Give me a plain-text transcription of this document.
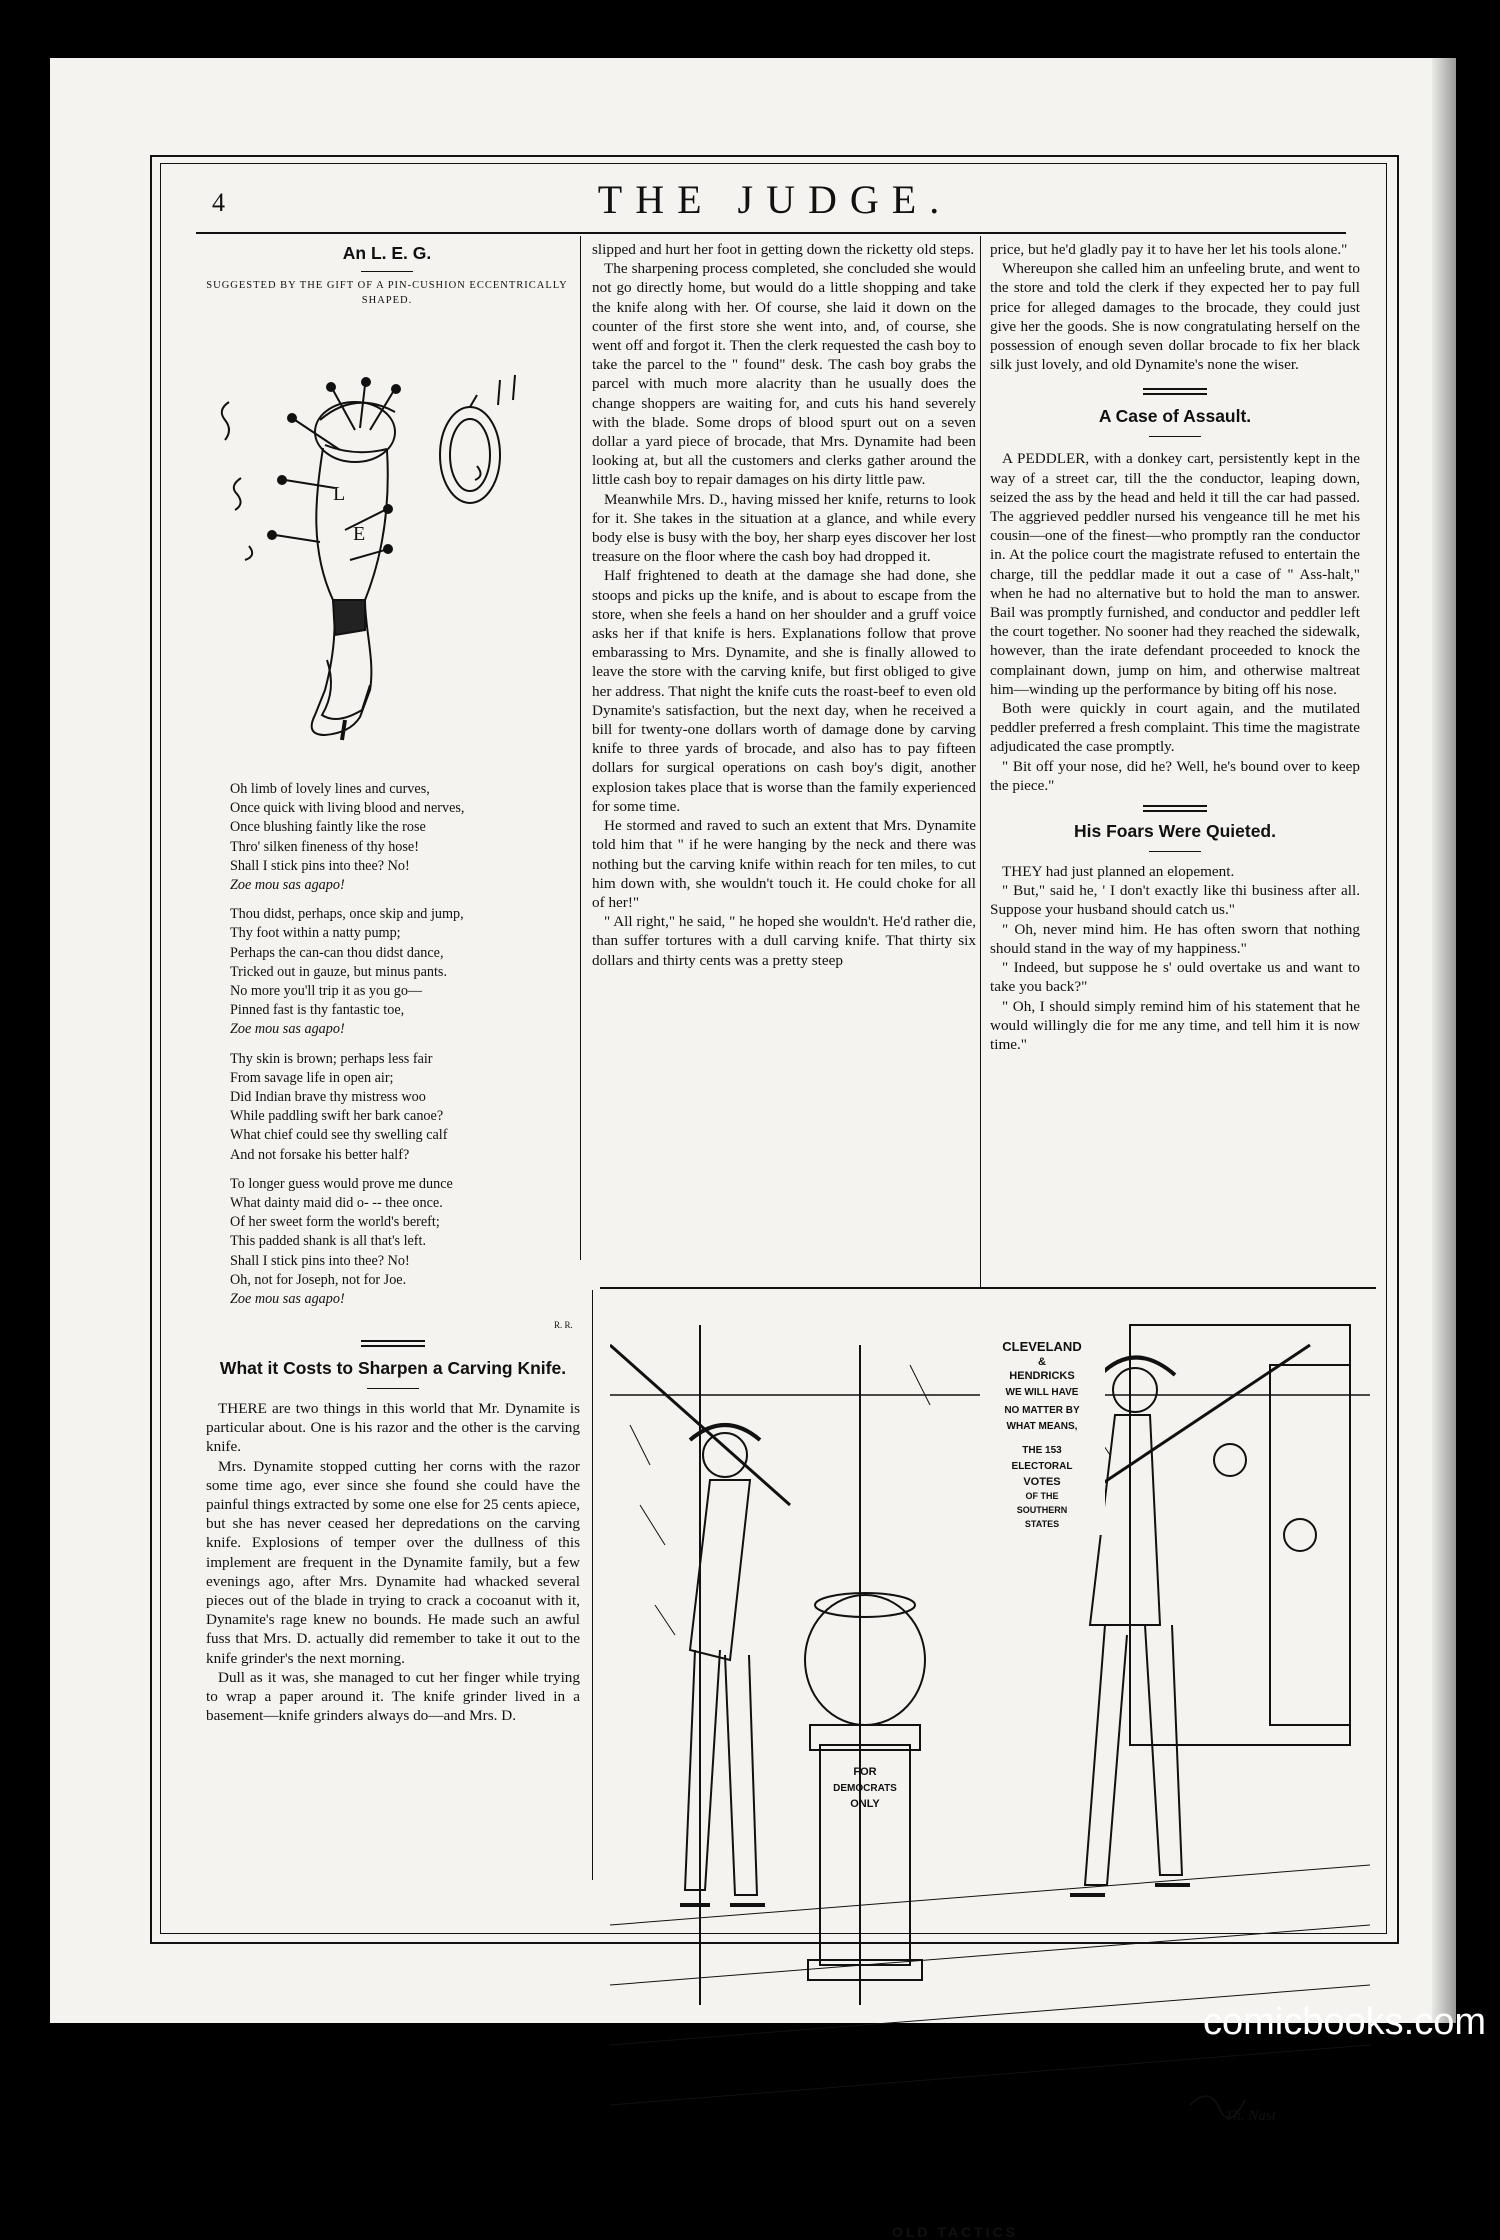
4	THE JUDGE.
An L. E. G.
SUGGESTED BY THE GIFT OF A PIN-CUSHION ECCENTRICALLY SHAPED.
L
E
Oh limb of lovely lines and curves,
Once quick with living blood and nerves,
Once blushing faintly like the rose
Thro' silken fineness of thy hose!
Shall I stick pins into thee? No!
Zoe mou sas agapo!
Thou didst, perhaps, once skip and jump,
Thy foot within a natty pump;
Perhaps the can-can thou didst dance,
Tricked out in gauze, but minus pants.
No more you'll trip it as you go—
Pinned fast is thy fantastic toe,
Zoe mou sas agapo!
Thy skin is brown; perhaps less fair
From savage life in open air;
Did Indian brave thy mistress woo
While paddling swift her bark canoe?
What chief could see thy swelling calf
And not forsake his better half?
To longer guess would prove me dunce
What dainty maid did o- -- thee once.
Of her sweet form the world's bereft;
This padded shank is all that's left.
Shall I stick pins into thee? No!
Oh, not for Joseph, not for Joe.
Zoe mou sas agapo!
R. R.
What it Costs to Sharpen a Carving Knife.

THERE are two things in this world that Mr. Dynamite is particular about. One is his razor and the other is the carving knife.

Mrs. Dynamite stopped cutting her corns with the razor some time ago, ever since she found she could have the painful things extracted by some one else for 25 cents apiece, but she has never ceased her depredations on the carving knife. Explosions of temper over the dullness of this implement are frequent in the Dynamite family, but a few evenings ago, after Mrs. Dynamite had whacked several pieces out of the blade in trying to crack a cocoanut with it, Dynamite's rage knew no bounds. He made such an awful fuss that Mrs. D. actually did remember to take it out to the knife grinder's the next morning.

Dull as it was, she managed to cut her finger while trying to wrap a paper around it. The knife grinder lived in a basement—knife grinders always do—and Mrs. D.

slipped and hurt her foot in getting down the ricketty old steps.

The sharpening process completed, she concluded she would not go directly home, but would do a little shopping and take the knife along with her. Of course, she laid it down on the counter of the first store she went into, and, of course, she went off and forgot it. Then the clerk requested the cash boy to take the parcel to the " found" desk. The cash boy grabs the parcel with much more alacrity than he usually does the change shoppers are waiting for, and cuts his hand severely with the blade. Some drops of blood spurt out on a seven dollar a yard piece of brocade, that Mrs. Dynamite had been looking at, but all the customers and clerks gather around the little cash boy to repair damages on his dirty little paw.

Meanwhile Mrs. D., having missed her knife, returns to look for it. She takes in the situation at a glance, and while every body else is busy with the boy, her sharp eyes discover her lost treasure on the floor where the cash boy had dropped it.

Half frightened to death at the damage she had done, she stoops and picks up the knife, and is about to escape from the store, when she feels a hand on her shoulder and a gruff voice asks her if that knife is hers. Explanations follow that prove embarassing to Mrs. Dynamite, and she is finally allowed to leave the store with the carving knife, but first obliged to give her address. That night the knife cuts the roast-beef to even old Dynamite's satisfaction, but the next day, when he received a bill for twenty-one dollars worth of damage done by carving knife to three yards of brocade, and also has to pay fifteen dollars for surgical operations on cash boy's digit, another explosion takes place that is worse than the family experienced for some time.

He stormed and raved to such an extent that Mrs. Dynamite told him that " if he were hanging by the neck and there was nothing but the carving knife within reach for ten miles, to cut him down with, she wouldn't touch it. He could choke for all of her!"

" All right," he said, " he hoped she wouldn't. He'd rather die, than suffer tortures with a dull carving knife. That thirty six dollars and thirty cents was a pretty steep

price, but he'd gladly pay it to have her let his tools alone."

Whereupon she called him an unfeeling brute, and went to the store and told the clerk if they expected her to pay full price for alleged damages to the brocade, they could just give her the goods. She is now congratulating herself on the possession of enough seven dollar brocade to fix her black silk just lovely, and old Dynamite's none the wiser.

A Case of Assault.

A PEDDLER, with a donkey cart, persistently kept in the way of a street car, till the the conductor, leaping down, seized the ass by the head and held it till the car had passed. The aggrieved peddler nursed his vengeance till he met his cousin—one of the finest—who promptly ran the conductor in. At the police court the magistrate refused to entertain the charge, till the peddlar made it out a case of " Ass-halt," when he had no alternative but to hold the man to answer. Bail was promptly furnished, and conductor and peddler left the court together. No sooner had they reached the sidewalk, however, than the irate defendant proceeded to knock the complainant down, jump on him, and otherwise maltreat him—winding up the performance by biting off his nose.

Both were quickly in court again, and the mutilated peddler preferred a fresh complaint. This time the magistrate adjudicated the case promptly.

" Bit off your nose, did he? Well, he's bound over to keep the piece."

His Foars Were Quieted.

THEY had just planned an elopement.

" But," said he, ' I don't exactly like thi business after all. Suppose your husband should catch us."

" Oh, never mind him. He has often sworn that nothing should stand in the way of my happiness."

" Indeed, but suppose he s' ould overtake us and want to take you back?"

" Oh, I should simply remind him of his statement that he would willingly die for me any time, and tell him it is now time."

CLEVELAND
&
HENDRICKS
WE WILL HAVE
NO MATTER BY
WHAT MEANS,
THE 153
ELECTORAL
VOTES
OF THE
SOUTHERN
STATES
FOR
DEMOCRATS
ONLY
Th. Nast
OLD TACTICS
comicbooks.com
